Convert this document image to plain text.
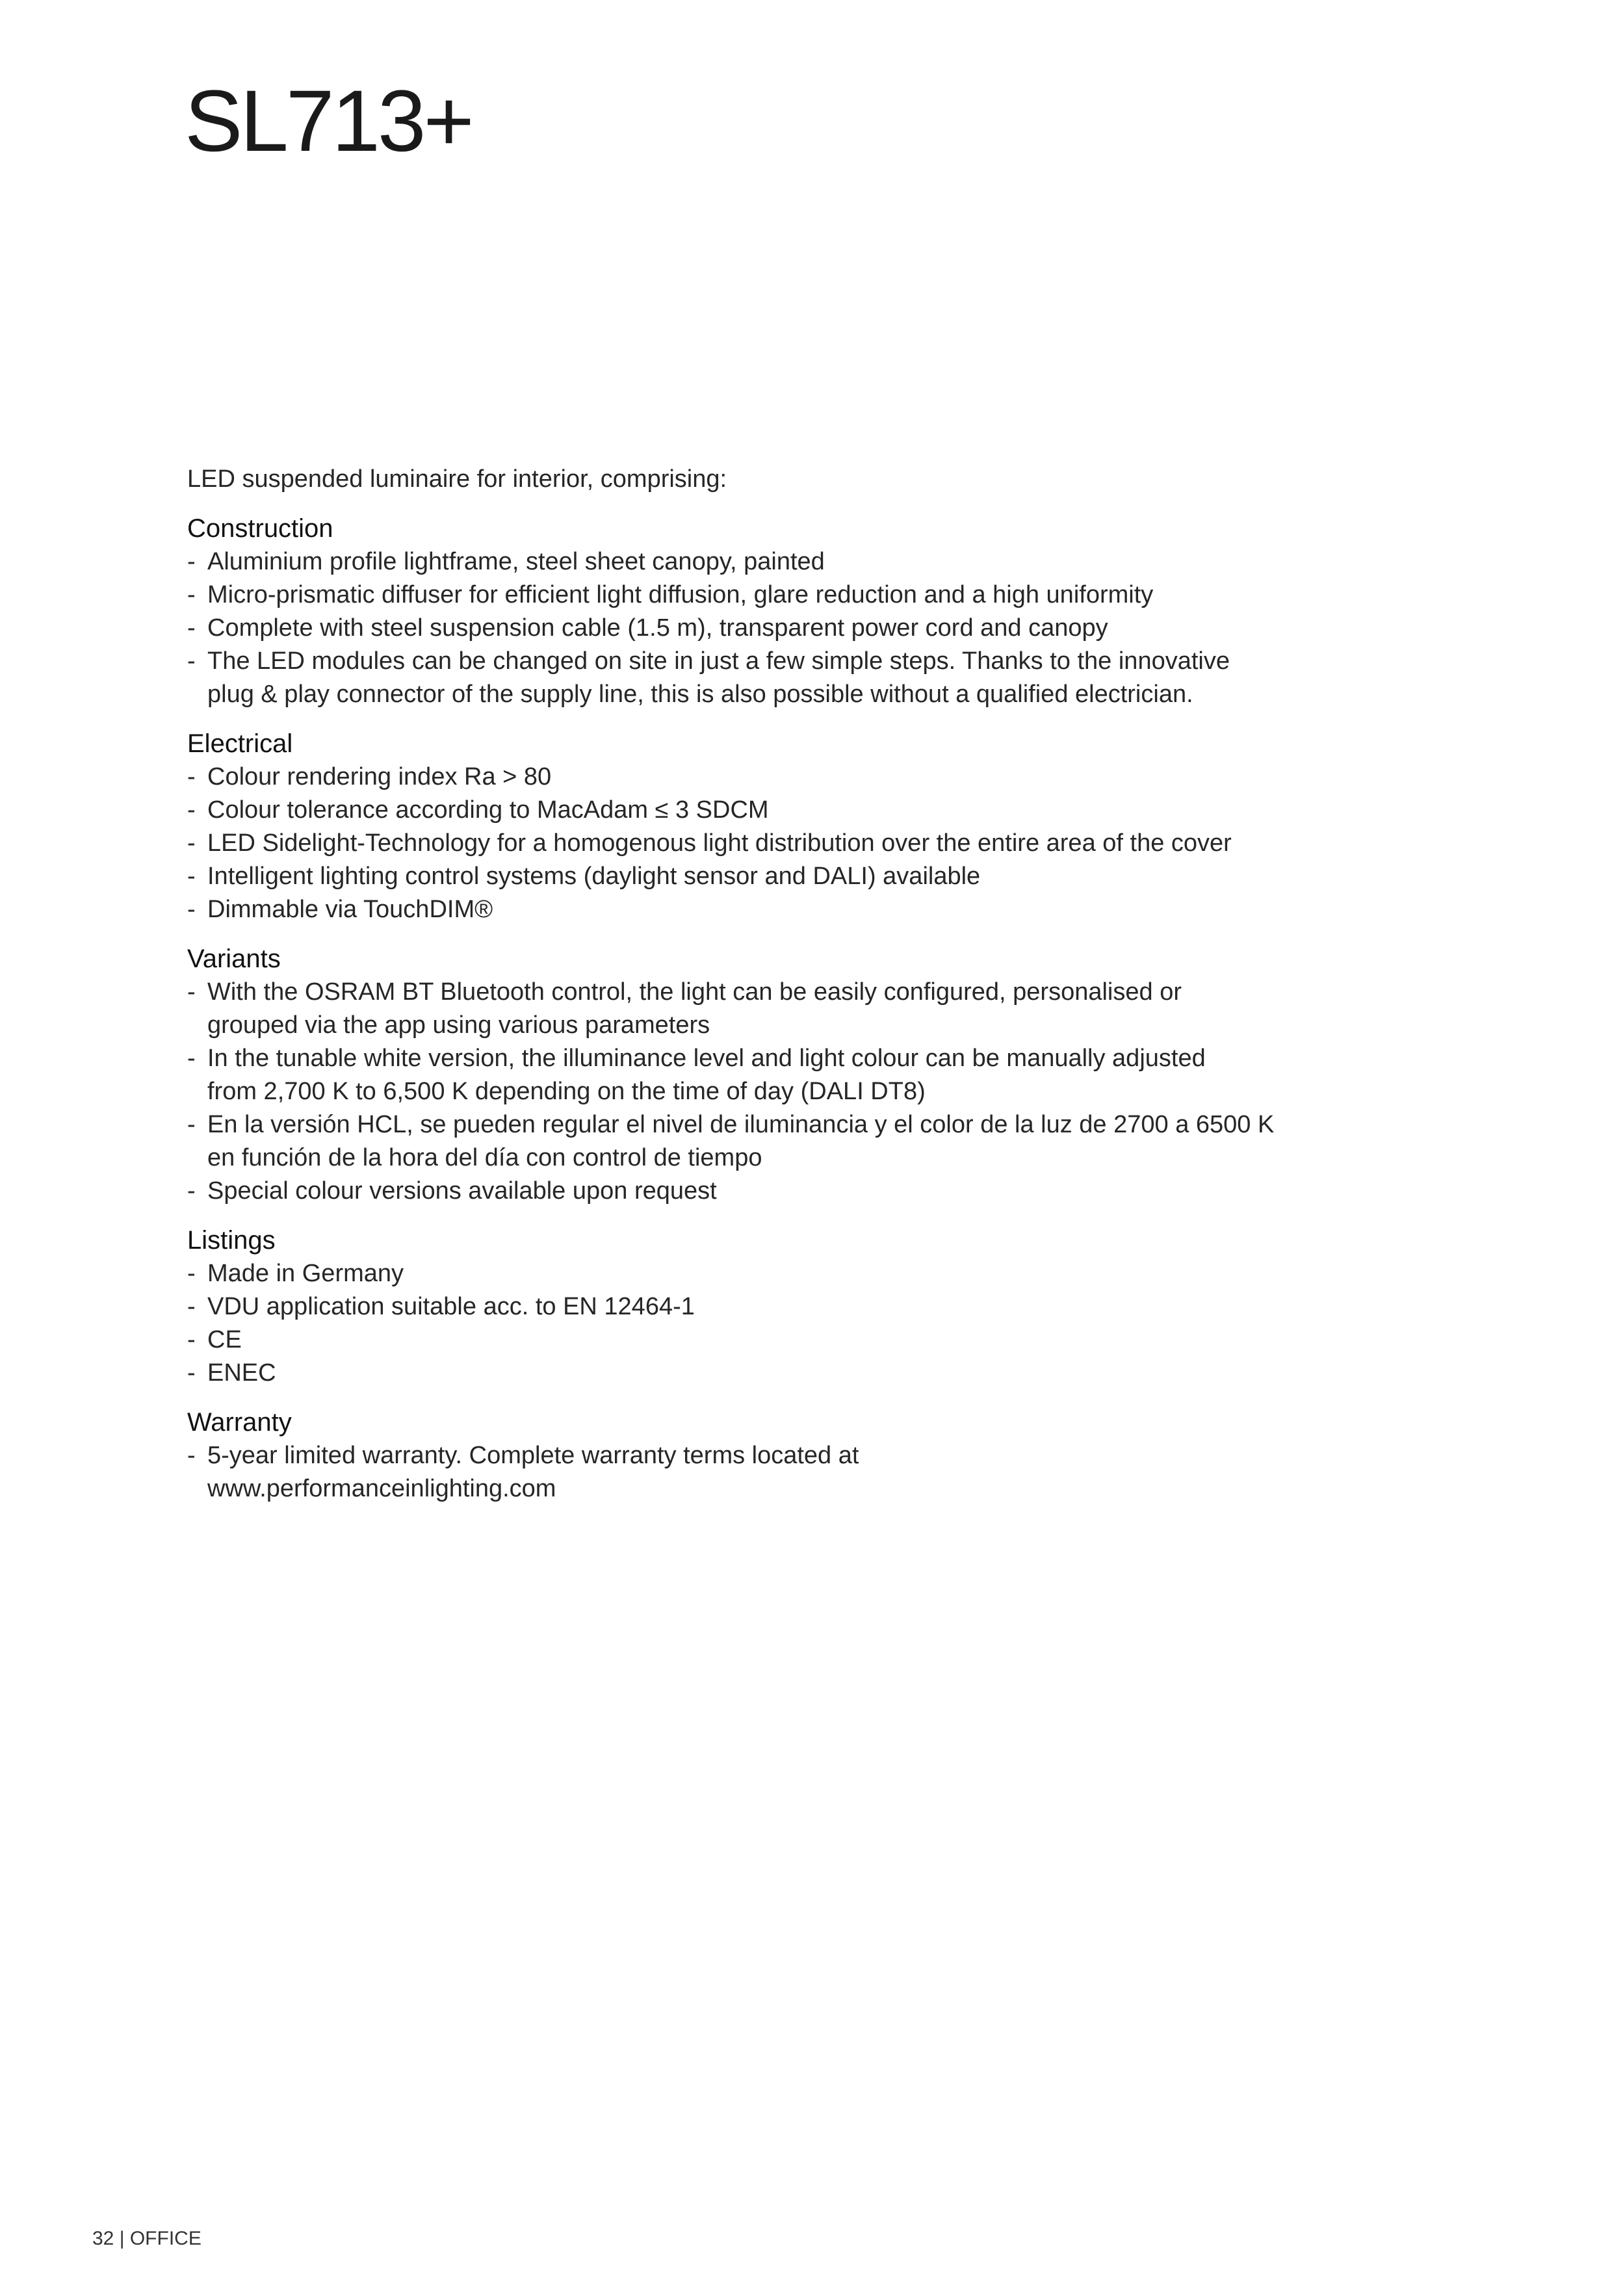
SL713+

LED suspended luminaire for interior, comprising:

Construction
- Aluminium profile lightframe, steel sheet canopy, painted
- Micro-prismatic diffuser for efficient light diffusion, glare reduction and a high uniformity
- Complete with steel suspension cable (1.5 m), transparent power cord and canopy
- The LED modules can be changed on site in just a few simple steps. Thanks to the innovative
plug & play connector of the supply line, this is also possible without a qualified electrician.
Electrical
- Colour rendering index Ra > 80
- Colour tolerance according to MacAdam ≤ 3 SDCM
- LED Sidelight-Technology for a homogenous light distribution over the entire area of the cover
- Intelligent lighting control systems (daylight sensor and DALI) available
- Dimmable via TouchDIM®
Variants
- With the OSRAM BT Bluetooth control, the light can be easily configured, personalised or
grouped via the app using various parameters
- In the tunable white version, the illuminance level and light colour can be manually adjusted
from 2,700 K to 6,500 K depending on the time of day (DALI DT8)
- En la versión HCL, se pueden regular el nivel de iluminancia y el color de la luz de 2700 a 6500 K
en función de la hora del día con control de tiempo
- Special colour versions available upon request
Listings
- Made in Germany
- VDU application suitable acc. to EN 12464-1
- CE
- ENEC
Warranty
- 5-year limited warranty. Complete warranty terms located at
www.performanceinlighting.com
32 | OFFICE
